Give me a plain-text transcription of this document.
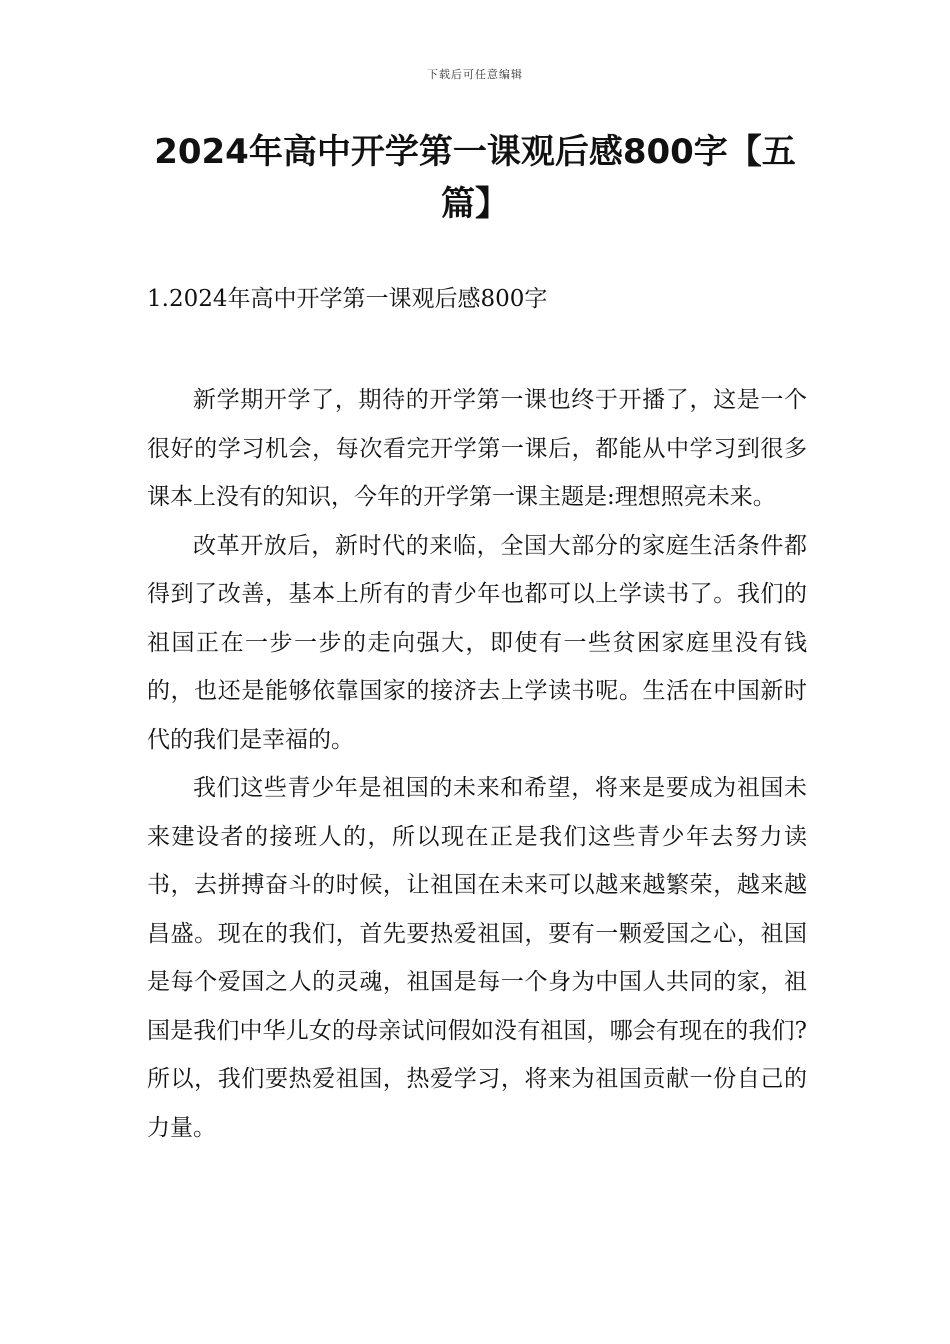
下载后可任意编辑
2024年高中开学第一课观后感800字【五篇】
1.2024年高中开学第一课观后感800字

新学期开学了，期待的开学第一课也终于开播了，这是一个很好的学习机会，每次看完开学第一课后，都能从中学习到很多课本上没有的知识，今年的开学第一课主题是:理想照亮未来。

改革开放后，新时代的来临，全国大部分的家庭生活条件都得到了改善，基本上所有的青少年也都可以上学读书了。我们的祖国正在一步一步的走向强大，即使有一些贫困家庭里没有钱的，也还是能够依靠国家的接济去上学读书呢。生活在中国新时代的我们是幸福的。

我们这些青少年是祖国的未来和希望，将来是要成为祖国未来建设者的接班人的，所以现在正是我们这些青少年去努力读书，去拼搏奋斗的时候，让祖国在未来可以越来越繁荣，越来越昌盛。现在的我们，首先要热爱祖国，要有一颗爱国之心，祖国是每个爱国之人的灵魂，祖国是每一个身为中国人共同的家，祖国是我们中华儿女的母亲试问假如没有祖国，哪会有现在的我们?所以，我们要热爱祖国，热爱学习，将来为祖国贡献一份自己的力量。
